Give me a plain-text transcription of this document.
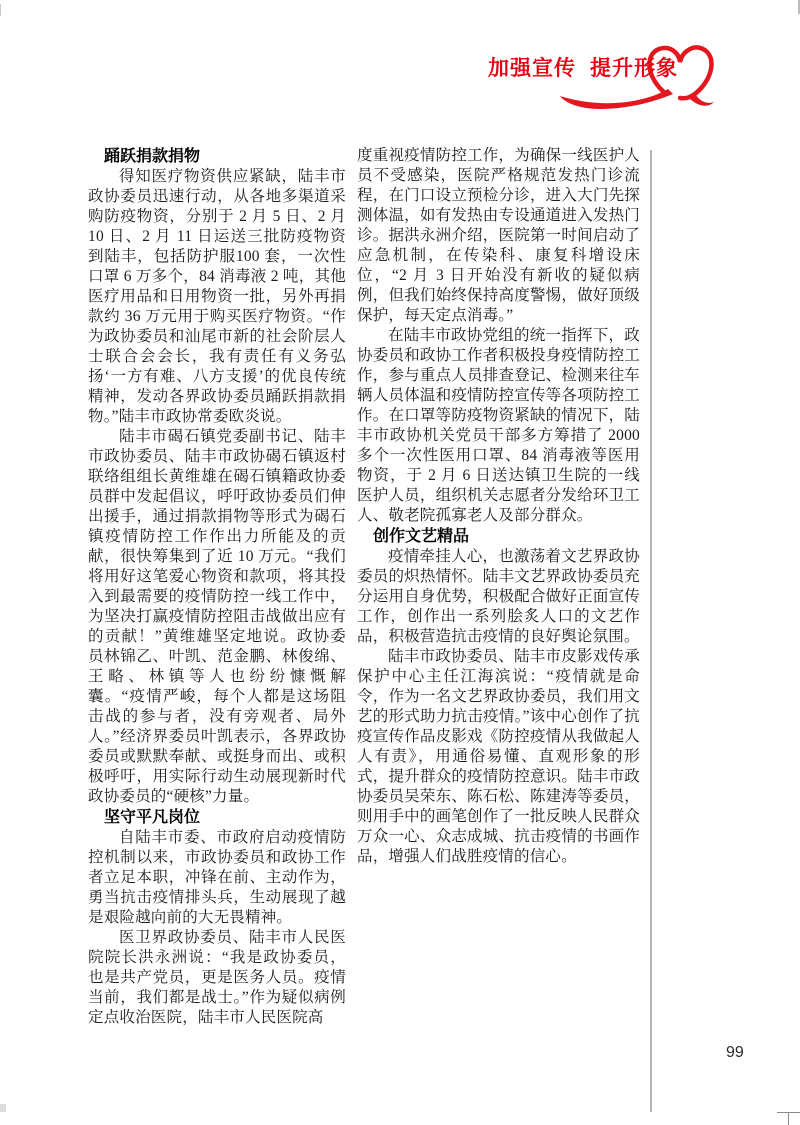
加强宣传 提升形象
踊跃捐款捐物

得知医疗物资供应紧缺，陆丰市政协委员迅速行动，从各地多渠道采购防疫物资，分别于 2 月 5 日、2 月 10 日、2 月 11 日运送三批防疫物资到陆丰，包括防护服100 套，一次性口罩 6 万多个，84 消毒液 2 吨，其他医疗用品和日用物资一批，另外再捐款约 36 万元用于购买医疗物资。“作为政协委员和汕尾市新的社会阶层人士联合会会长，我有责任有义务弘扬‘一方有难、八方支援’的优良传统精神，发动各界政协委员踊跃捐款捐物。”陆丰市政协常委欧炎说。

陆丰市碣石镇党委副书记、陆丰市政协委员、陆丰市政协碣石镇返村联络组组长黄维雄在碣石镇籍政协委员群中发起倡议，呼吁政协委员们伸出援手，通过捐款捐物等形式为碣石镇疫情防控工作作出力所能及的贡献，很快筹集到了近 10 万元。“我们将用好这笔爱心物资和款项，将其投入到最需要的疫情防控一线工作中，为坚决打赢疫情防控阻击战做出应有的贡献！”黄维雄坚定地说。政协委员林锦乙、叶凯、范金鹏、林俊绵、王略、林镇等人也纷纷慷慨解囊。“疫情严峻，每个人都是这场阻击战的参与者，没有旁观者、局外人。”经济界委员叶凯表示，各界政协委员或默默奉献、或挺身而出、或积极呼吁，用实际行动生动展现新时代政协委员的“硬核”力量。

坚守平凡岗位

自陆丰市委、市政府启动疫情防控机制以来，市政协委员和政协工作者立足本职，冲锋在前、主动作为，勇当抗击疫情排头兵，生动展现了越是艰险越向前的大无畏精神。

医卫界政协委员、陆丰市人民医院院长洪永洲说：“我是政协委员，也是共产党员，更是医务人员。疫情当前，我们都是战士。”作为疑似病例定点收治医院，陆丰市人民医院高

度重视疫情防控工作，为确保一线医护人员不受感染，医院严格规范发热门诊流程，在门口设立预检分诊，进入大门先探测体温，如有发热由专设通道进入发热门诊。据洪永洲介绍，医院第一时间启动了应急机制，在传染科、康复科增设床位，“2 月 3 日开始没有新收的疑似病例，但我们始终保持高度警惕，做好顶级保护，每天定点消毒。”

在陆丰市政协党组的统一指挥下，政协委员和政协工作者积极投身疫情防控工作，参与重点人员排查登记、检测来往车辆人员体温和疫情防控宣传等各项防控工作。在口罩等防疫物资紧缺的情况下，陆丰市政协机关党员干部多方筹措了 2000 多个一次性医用口罩、84 消毒液等医用物资，于 2 月 6 日送达镇卫生院的一线医护人员，组织机关志愿者分发给环卫工人、敬老院孤寡老人及部分群众。

创作文艺精品

疫情牵挂人心，也激荡着文艺界政协委员的炽热情怀。陆丰文艺界政协委员充分运用自身优势，积极配合做好正面宣传工作，创作出一系列脍炙人口的文艺作品，积极营造抗击疫情的良好舆论氛围。

陆丰市政协委员、陆丰市皮影戏传承保护中心主任江海滨说：“疫情就是命令，作为一名文艺界政协委员，我们用文艺的形式助力抗击疫情。”该中心创作了抗疫宣传作品皮影戏《防控疫情从我做起人人有责》，用通俗易懂、直观形象的形式，提升群众的疫情防控意识。陆丰市政协委员吴荣东、陈石松、陈建涛等委员，则用手中的画笔创作了一批反映人民群众万众一心、众志成城、抗击疫情的书画作品，增强人们战胜疫情的信心。

99
